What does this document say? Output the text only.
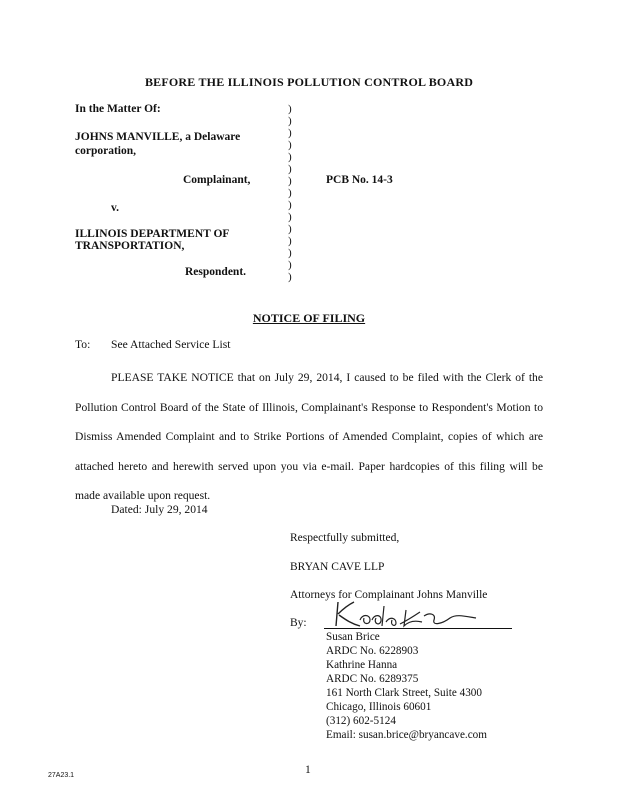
BEFORE THE ILLINOIS POLLUTION CONTROL BOARD
In the Matter Of:
JOHNS MANVILLE, a Delaware
corporation,
Complainant,
v.
ILLINOIS DEPARTMENT OF
TRANSPORTATION,
Respondent.
)
)
)
)
)
)
)
)
)
)
)
)
)
)
)
PCB No. 14-3
NOTICE OF FILING
To: See Attached Service List
PLEASE TAKE NOTICE that on July 29, 2014, I caused to be filed with the Clerk of the Pollution Control Board of the State of Illinois, Complainant's Response to Respondent's Motion to Dismiss Amended Complaint and to Strike Portions of Amended Complaint, copies of which are attached hereto and herewith served upon you via e-mail. Paper hardcopies of this filing will be made available upon request.
Dated: July 29, 2014
Respectfully submitted,
BRYAN CAVE LLP
Attorneys for Complainant Johns Manville
By:
Susan Brice
ARDC No. 6228903
Kathrine Hanna
ARDC No. 6289375
161 North Clark Street, Suite 4300
Chicago, Illinois 60601
(312) 602-5124
Email: susan.brice@bryancave.com
1
27A23.1
